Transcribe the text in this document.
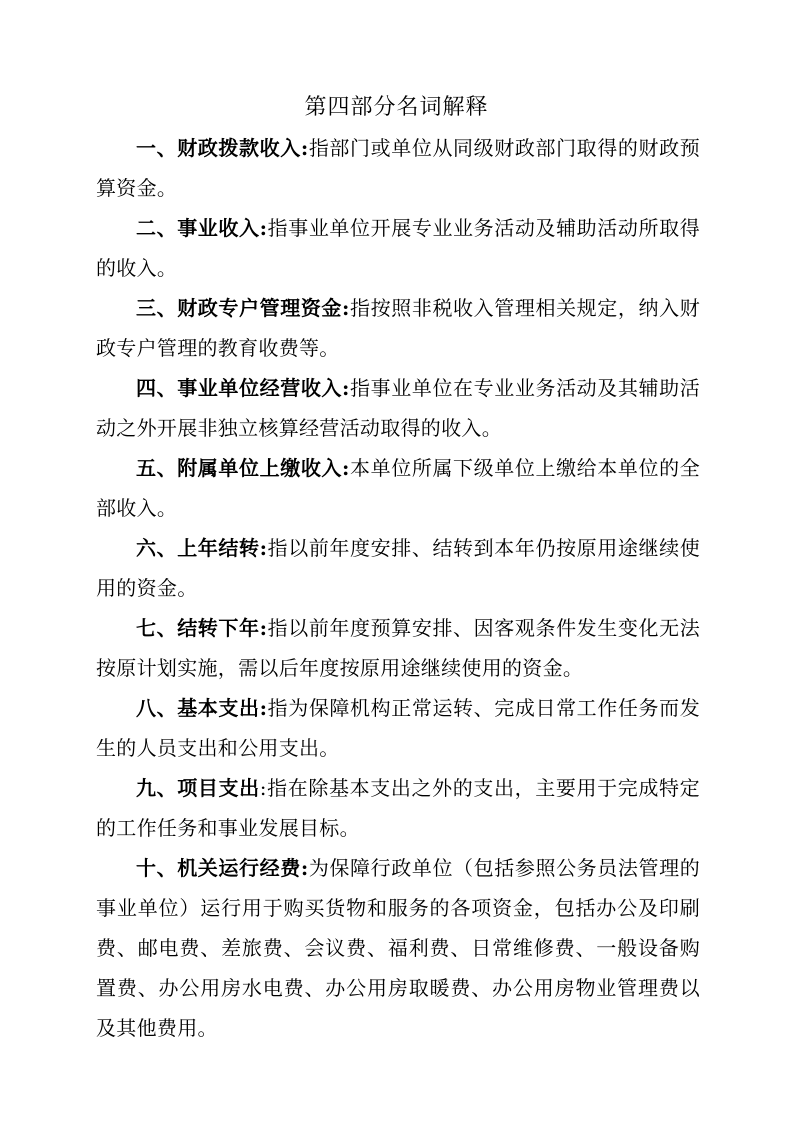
第四部分名词解释

一、财政拨款收入:指部门或单位从同级财政部门取得的财政预算资金。

二、事业收入:指事业单位开展专业业务活动及辅助活动所取得的收入。

三、财政专户管理资金:指按照非税收入管理相关规定，纳入财政专户管理的教育收费等。

四、事业单位经营收入:指事业单位在专业业务活动及其辅助活动之外开展非独立核算经营活动取得的收入。

五、附属单位上缴收入:本单位所属下级单位上缴给本单位的全部收入。

六、上年结转:指以前年度安排、结转到本年仍按原用途继续使用的资金。

七、结转下年:指以前年度预算安排、因客观条件发生变化无法按原计划实施，需以后年度按原用途继续使用的资金。

八、基本支出:指为保障机构正常运转、完成日常工作任务而发生的人员支出和公用支出。

九、项目支出:指在除基本支出之外的支出，主要用于完成特定的工作任务和事业发展目标。

十、机关运行经费:为保障行政单位（包括参照公务员法管理的事业单位）运行用于购买货物和服务的各项资金，包括办公及印刷费、邮电费、差旅费、会议费、福利费、日常维修费、一般设备购置费、办公用房水电费、办公用房取暖费、办公用房物业管理费以及其他费用。
